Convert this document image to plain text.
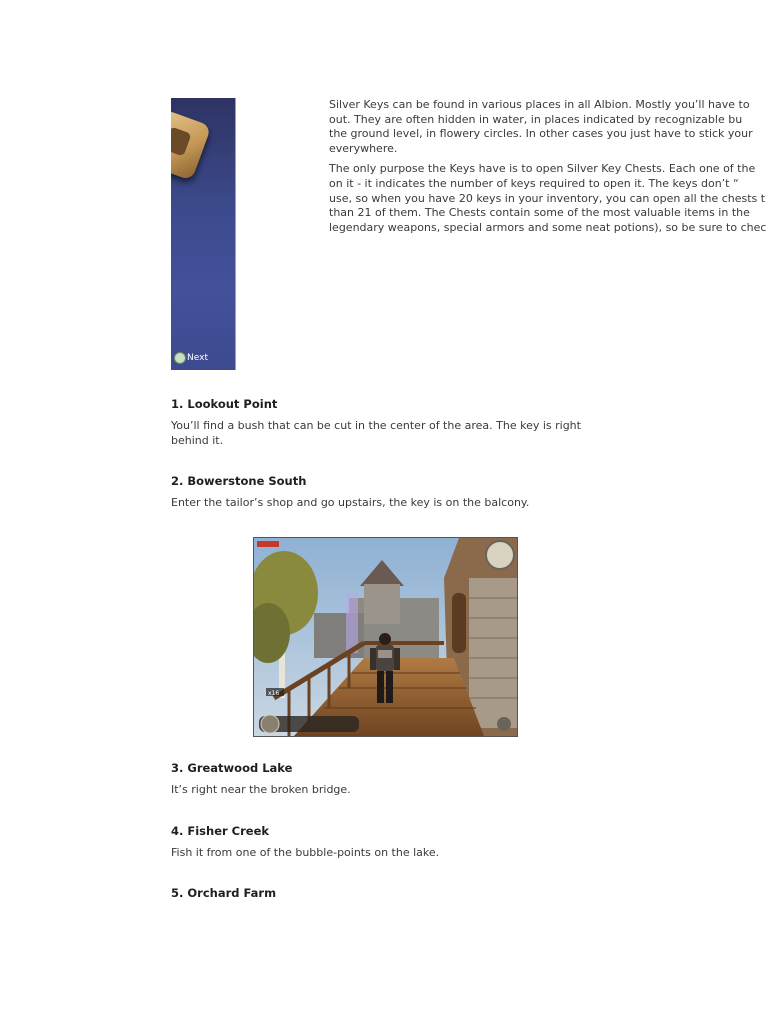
Next

Silver Keys can be found in various places in all Albion. Mostly you’ll have to
out. They are often hidden in water, in places indicated by recognizable bu
the ground level, in flowery circles. In other cases you just have to stick your
everywhere.

The only purpose the Keys have is to open Silver Key Chests. Each one of the
on it - it indicates the number of keys required to open it. The keys don’t “
use, so when you have 20 keys in your inventory, you can open all the chests t
than 21 of them. The Chests contain some of the most valuable items in the
legendary weapons, special armors and some neat potions), so be sure to chec

1. Lookout Point
You’ll find a bush that can be cut in the center of the area. The key is right behind it.
2. Bowerstone South
Enter the tailor’s shop and go upstairs, the key is on the balcony.
x16
3. Greatwood Lake
It’s right near the broken bridge.
4. Fisher Creek
Fish it from one of the bubble-points on the lake.
5. Orchard Farm
